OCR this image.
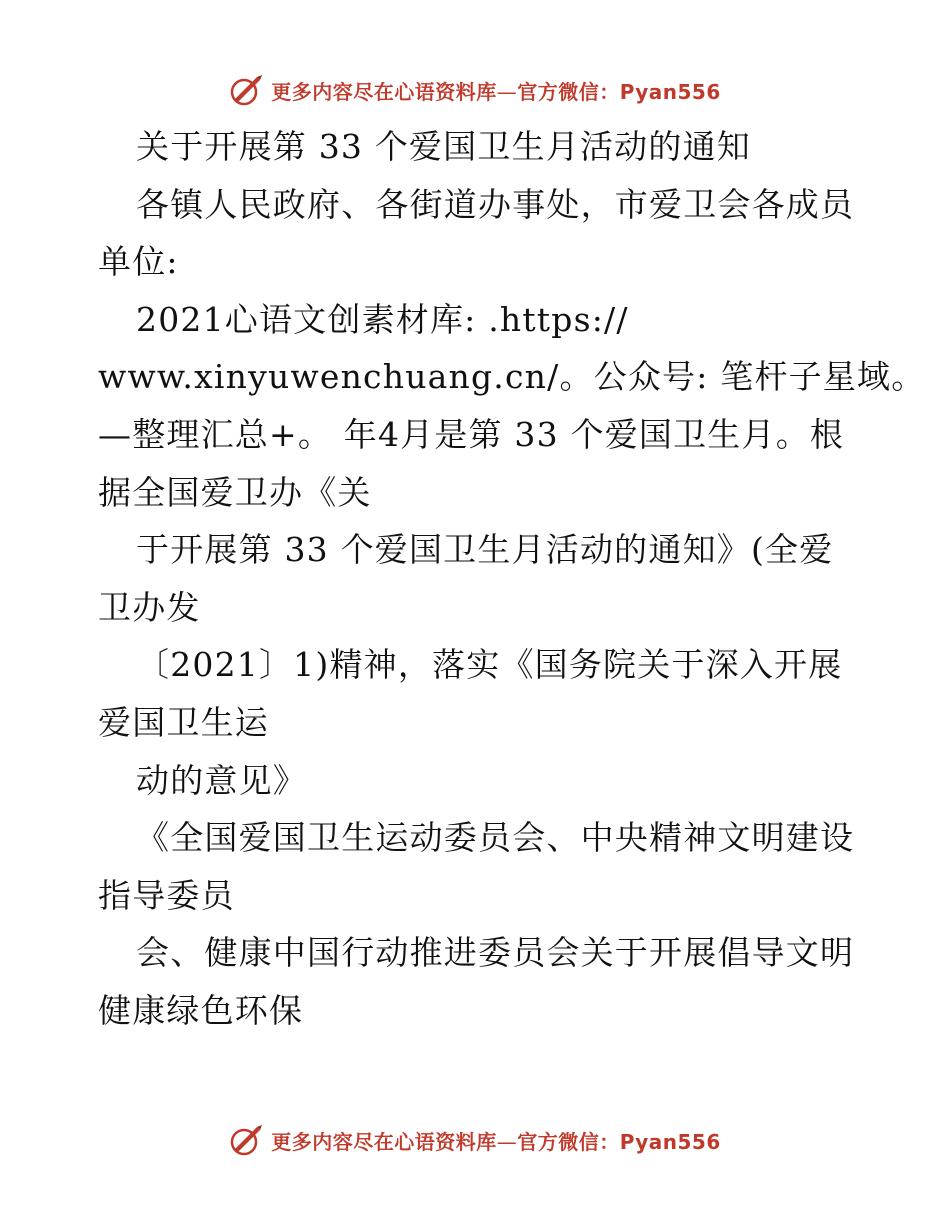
更多内容尽在心语资料库—官方微信：Pyan556
关于开展第 33 个爱国卫生月活动的通知
各镇人民政府、各街道办事处，市爱卫会各成员
单位:
2021心语文创素材库: .https://
www.xinyuwenchuang.cn/。公众号: 笔杆子星域。
—整理汇总+。 年4月是第 33 个爱国卫生月。根
据全国爱卫办《关
于开展第 33 个爱国卫生月活动的通知》(全爱
卫办发
〔2021〕1)精神，落实《国务院关于深入开展
爱国卫生运
动的意见》
《全国爱国卫生运动委员会、中央精神文明建设
指导委员
会、健康中国行动推进委员会关于开展倡导文明
健康绿色环保
更多内容尽在心语资料库—官方微信：Pyan556
